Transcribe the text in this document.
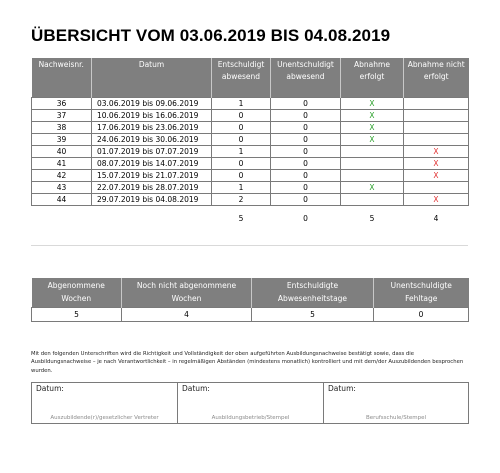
ÜBERSICHT VOM 03.06.2019 BIS 04.08.2019
Nachweisnr.	Datum	Entschuldigt abwesend	Unentschuldigt abwesend	Abnahme erfolgt	Abnahme nicht erfolgt
36	03.06.2019 bis 09.06.2019	1	0	X	
37	10.06.2019 bis 16.06.2019	0	0	X	
38	17.06.2019 bis 23.06.2019	0	0	X	
39	24.06.2019 bis 30.06.2019	0	0	X	
40	01.07.2019 bis 07.07.2019	1	0		X
41	08.07.2019 bis 14.07.2019	0	0		X
42	15.07.2019 bis 21.07.2019	0	0		X
43	22.07.2019 bis 28.07.2019	1	0	X	
44	29.07.2019 bis 04.08.2019	2	0		X
		5	0	5	4
Abgenommene Wochen	Noch nicht abgenommene Wochen	Entschuldigte Abwesenheitstage	Unentschuldigte Fehltage
5	4	5	0
Mit den folgenden Unterschriften wird die Richtigkeit und Vollständigkeit der oben aufgeführten Ausbildungsnachweise bestätigt sowie, dass die Ausbildungsnachweise – je nach Verantwortlichkeit – in regelmäßigen Abständen (mindestens monatlich) kontrolliert und mit dem/der Auszubildenden besprochen wurden.
Datum:
Auszubildende(r)/gesetzlicher Vertreter

Datum:
Ausbildungsbetrieb/Stempel

Datum:
Berufsschule/Stempel
